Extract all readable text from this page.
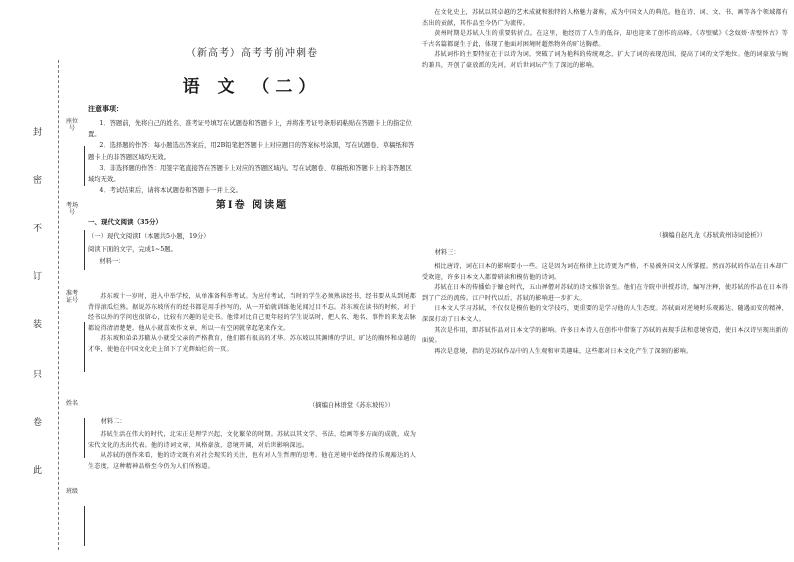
封
密
不
订
装
只
卷
此
座位号
考场号
准考证号
姓名
班级
（新高考）高考考前冲刺卷
语 文 （二）
注意事项：

1．答题前，先将自己的姓名、准考证号填写在试题卷和答题卡上，并将准考证号条形码粘贴在答题卡上的指定位置。

2．选择题的作答：每小题选出答案后，用2B铅笔把答题卡上对应题目的答案标号涂黑，写在试题卷、草稿纸和答题卡上的非答题区域均无效。

3．非选择题的作答：用签字笔直接答在答题卡上对应的答题区域内。写在试题卷、草稿纸和答题卡上的非答题区域均无效。

4．考试结束后，请将本试题卷和答题卡一并上交。

第Ⅰ卷 阅读题
一、现代文阅读（35分）
（一）现代文阅读Ⅰ（本题共5小题，19分）
阅读下面的文字，完成1~5题。
材料一：

苏东坡十一岁时，进入中举学校，从单准备科举考试。为应付考试，当时的学生必须熟读经书，经书要从头到尾都背得滚瓜烂熟。据说苏东坡所有的经书都是用手抄写的，从一开始就训练他见闻过目不忘。苏东坡在读书的时候，对于经书以外的学问也很留心，比较有兴趣的是史书。他常对比自己更年轻的学生说话时，把人名、地名、事件的来龙去脉都说得清清楚楚。他从小就喜欢作文章，所以一有空闲就拿起笔来作文。

苏东坡和弟弟苏辙从小就受父亲的严格教育，他们都有很高的才华。苏东坡以其渊博的学识、旷达的胸怀和卓越的才华，使他在中国文化史上留下了光辉灿烂的一页。

（摘编自林语堂《苏东坡传》）
材料二：

苏轼生活在伟大的时代，北宋正是理学兴起、文化繁荣的时期。苏轼以其文学、书法、绘画等多方面的成就，成为宋代文化的杰出代表。他的诗词文章，风格豪放，意境开阔，对后世影响深远。

从苏轼的创作来看，他的诗文既有对社会现实的关注，也有对人生哲理的思考。他在逆境中始终保持乐观豁达的人生态度，这种精神品格至今仍为人们所称道。

在文化史上，苏轼以其卓越的艺术成就和独特的人格魅力著称，成为中国文人的典范。他在诗、词、文、书、画等各个领域都有杰出的贡献，其作品至今仍广为流传。

黄州时期是苏轼人生的重要转折点。在这里，他经历了人生的低谷，却也迎来了创作的高峰。《赤壁赋》《念奴娇·赤壁怀古》等千古名篇都诞生于此，体现了他面对困境时超然物外的旷达胸襟。

苏轼词作的主要特征在于以诗为词，突破了词为艳科的传统观念，扩大了词的表现范围，提高了词的文学地位。他的词豪放与婉约兼具，开创了豪放派的先河，对后世词坛产生了深远的影响。

（摘编自赵凡龙《苏轼黄州诗词论析》）
材料三：

相比唐诗，词在日本的影响要小一些。这是因为词在格律上比诗更为严格，不易被外国文人所掌握。然而苏轼的作品在日本却广受欢迎，许多日本文人都曾研读和模仿他的诗词。

苏轼在日本的传播始于镰仓时代，五山禅僧对苏轼的诗文推崇备至。他们在寺院中讲授苏诗，编写注释，使苏轼的作品在日本得到了广泛的流传。江户时代以后，苏轼的影响进一步扩大。

日本文人学习苏轼，不仅仅是模仿他的文学技巧，更重要的是学习他的人生态度。苏轼面对逆境时乐观豁达、随遇而安的精神，深深打动了日本文人。

其次是作用，即苏轼作品对日本文学的影响。许多日本诗人在创作中借鉴了苏轼的表现手法和意境营造，使日本汉诗呈现出新的面貌。

再次是意境，指的是苏轼作品中的人生观和审美趣味，这些都对日本文化产生了深刻的影响。
